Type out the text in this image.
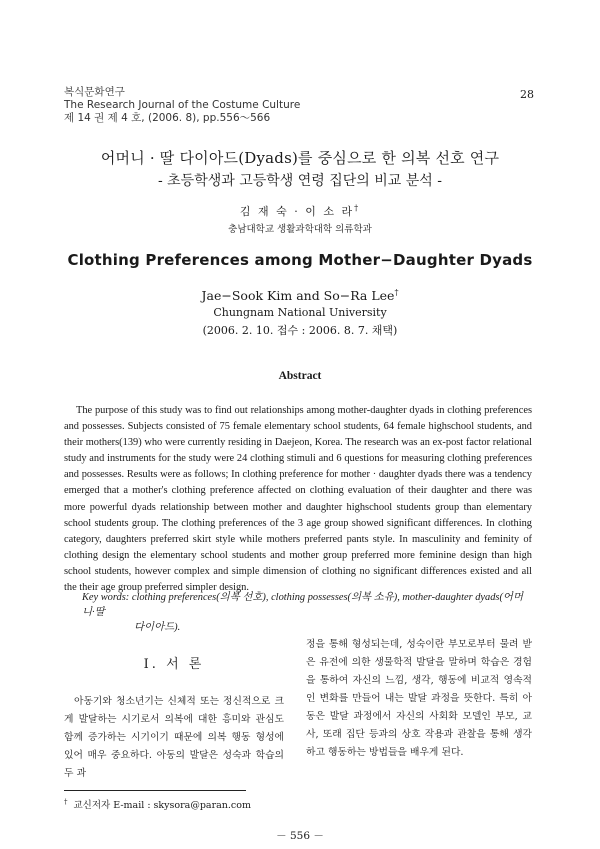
복식문화연구
The Research Journal of the Costume Culture
제 14 권 제 4 호, (2006. 8), pp.556～566
28
어머니 · 딸 다이아드(Dyads)를 중심으로 한 의복 선호 연구
- 초등학생과 고등학생 연령 집단의 비교 분석 -
김 재 숙 · 이 소 라†
충남대학교 생활과학대학 의류학과
Clothing Preferences among Mother−Daughter Dyads
Jae−Sook Kim and So−Ra Lee†
Chungnam National University
(2006. 2. 10. 접수 : 2006. 8. 7. 채택)
Abstract
The purpose of this study was to find out relationships among mother-daughter dyads in clothing preferences and possesses. Subjects consisted of 75 female elementary school students, 64 female highschool students, and their mothers(139) who were currently residing in Daejeon, Korea. The research was an ex-post factor relational study and instruments for the study were 24 clothing stimuli and 6 questions for measuring clothing preferences and possesses. Results were as follows; In clothing preference for mother · daughter dyads there was a tendency emerged that a mother's clothing preference affected on clothing evaluation of their daughter and there was more powerful dyads relationship between mother and daughter highschool students group than elementary school students group. The clothing preferences of the 3 age group showed significant differences. In clothing category, daughters preferred skirt style while mothers preferred pants style. In masculinity and feminity of clothing design the elementary school students and mother group preferred more feminine design than high school students, however complex and simple dimension of clothing no significant differences existed and all the their age group preferred simpler design.
Key words: clothing preferences(의복 선호), clothing possesses(의복 소유), mother-daughter dyads(어머니·딸
다이아드).
Ⅰ. 서 론
아동기와 청소년기는 신체적 또는 정신적으로 크게 발달하는 시기로서 의복에 대한 흥미와 관심도 함께 증가하는 시기이기 때문에 의복 행동 형성에 있어 매우 중요하다. 아동의 발달은 성숙과 학습의 두 과
정을 통해 형성되는데, 성숙이란 부모로부터 물려 받은 유전에 의한 생물학적 발달을 말하며 학습은 경험을 통하여 자신의 느낌, 생각, 행동에 비교적 영속적인 변화를 만들어 내는 발달 과정을 뜻한다. 특히 아동은 발달 과정에서 자신의 사회화 모델인 부모, 교사, 또래 집단 등과의 상호 작용과 관찰을 통해 생각하고 행동하는 방법들을 배우게 된다.
† 교신저자 E-mail : skysora@paran.com
－ 556 －
